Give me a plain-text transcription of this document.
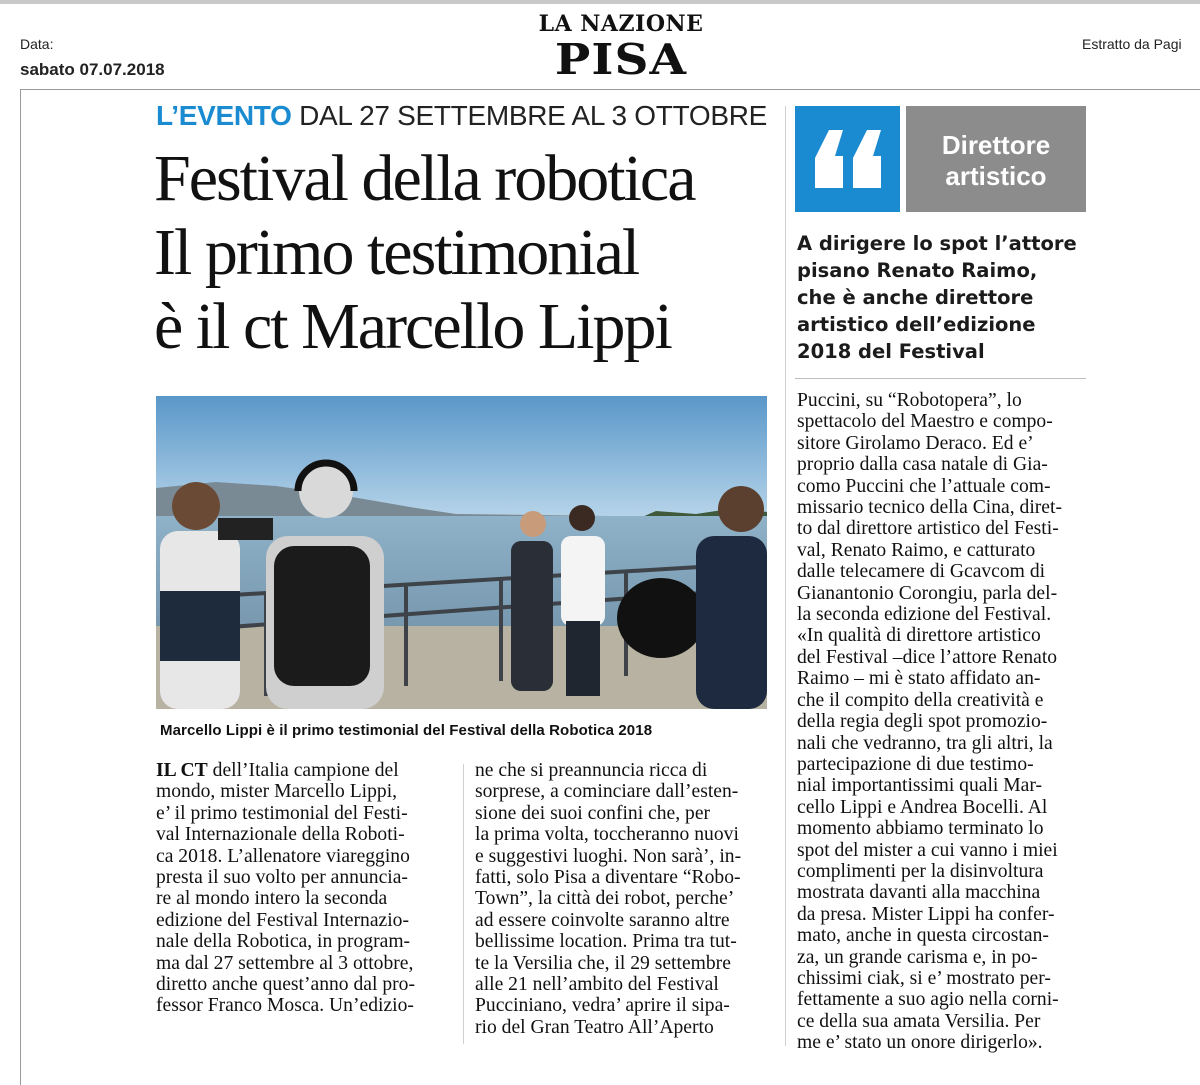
Data:
sabato 07.07.2018
Estratto da Pagi
LA NAZIONE
PISA
L’EVENTO DAL 27 SETTEMBRE AL 3 OTTOBRE
Festival della robotica
Il primo testimonial
è il ct Marcello Lippi
Marcello Lippi è il primo testimonial del Festival della Robotica 2018
IL CT dell’Italia campione del
mondo, mister Marcello Lippi,
e’ il primo testimonial del Festi-
val Internazionale della Roboti-
ca 2018. L’allenatore viareggino
presta il suo volto per annuncia-
re al mondo intero la seconda
edizione del Festival Internazio-
nale della Robotica, in program-
ma dal 27 settembre al 3 ottobre,
diretto anche quest’anno dal pro-
fessor Franco Mosca. Un’edizio-
ne che si preannuncia ricca di
sorprese, a cominciare dall’esten-
sione dei suoi confini che, per
la prima volta, toccheranno nuovi
e suggestivi luoghi. Non sarà’, in-
fatti, solo Pisa a diventare “Robo-
Town”, la città dei robot, perche’
ad essere coinvolte saranno altre
bellissime location. Prima tra tut-
te la Versilia che, il 29 settembre
alle 21 nell’ambito del Festival
Pucciniano, vedra’ aprire il sipa-
rio del Gran Teatro All’Aperto
Direttore
artistico
A dirigere lo spot l’attore
pisano Renato Raimo,
che è anche direttore
artistico dell’edizione
2018 del Festival
Puccini, su “Robotopera”, lo
spettacolo del Maestro e compo-
sitore Girolamo Deraco. Ed e’
proprio dalla casa natale di Gia-
como Puccini che l’attuale com-
missario tecnico della Cina, diret-
to dal direttore artistico del Festi-
val, Renato Raimo, e catturato
dalle telecamere di Gcavcom di
Gianantonio Corongiu, parla del-
la seconda edizione del Festival.
«In qualità di direttore artistico
del Festival –dice l’attore Renato
Raimo – mi è stato affidato an-
che il compito della creatività e
della regia degli spot promozio-
nali che vedranno, tra gli altri, la
partecipazione di due testimo-
nial importantissimi quali Mar-
cello Lippi e Andrea Bocelli. Al
momento abbiamo terminato lo
spot del mister a cui vanno i miei
complimenti per la disinvoltura
mostrata davanti alla macchina
da presa. Mister Lippi ha confer-
mato, anche in questa circostan-
za, un grande carisma e, in po-
chissimi ciak, si e’ mostrato per-
fettamente a suo agio nella corni-
ce della sua amata Versilia. Per
me e’ stato un onore dirigerlo».
